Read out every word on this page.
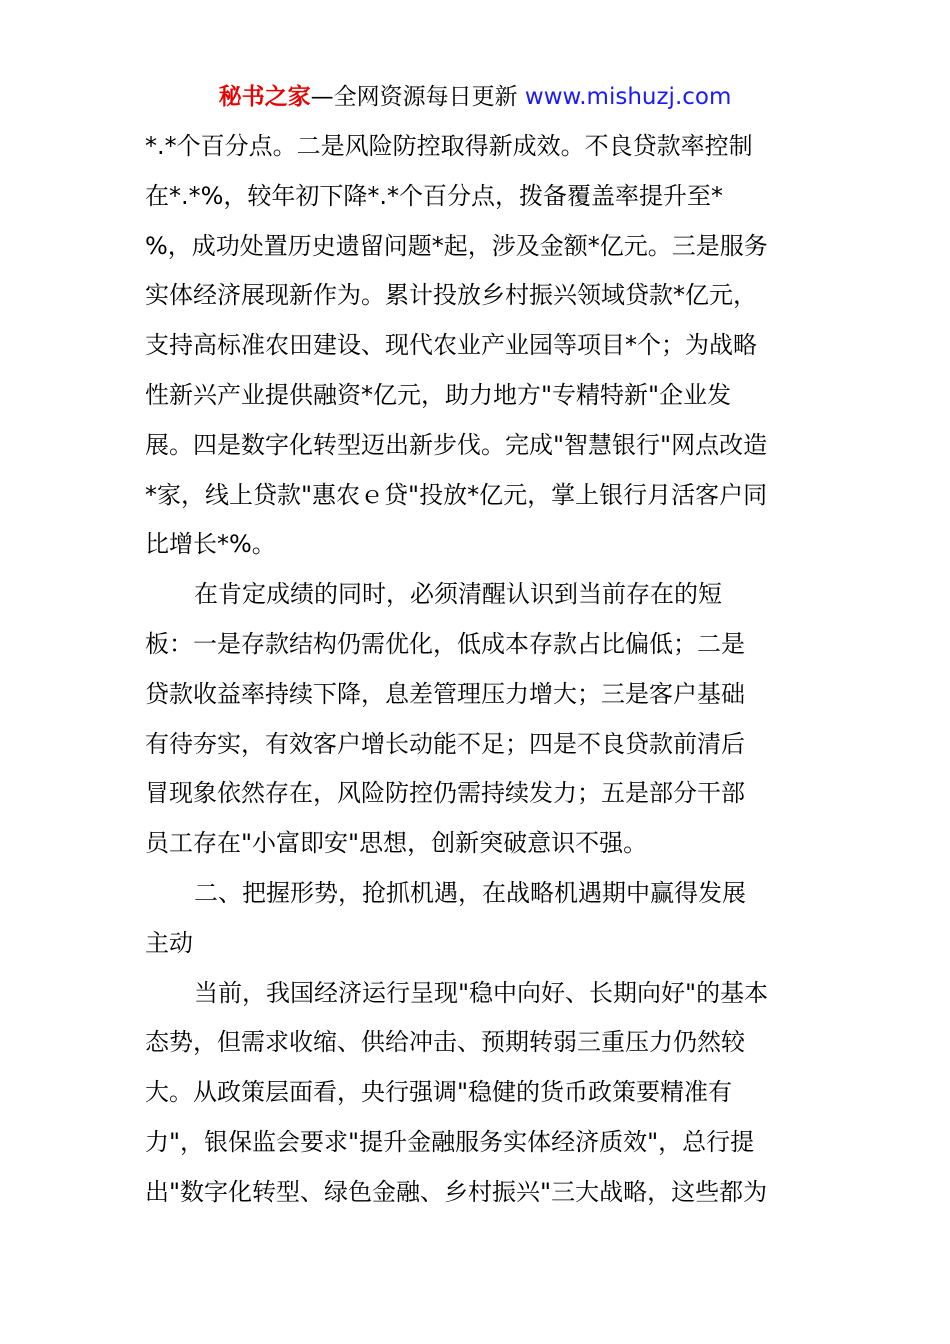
秘书之家—全网资源每日更新 www.mishuzj.com
*.*个百分点。二是风险防控取得新成效。不良贷款率控制
在*.*%，较年初下降*.*个百分点，拨备覆盖率提升至*
%，成功处置历史遗留问题*起，涉及金额*亿元。三是服务
实体经济展现新作为。累计投放乡村振兴领域贷款*亿元，
支持高标准农田建设、现代农业产业园等项目*个；为战略
性新兴产业提供融资*亿元，助力地方"专精特新"企业发
展。四是数字化转型迈出新步伐。完成"智慧银行"网点改造
*家，线上贷款"惠农ｅ贷"投放*亿元，掌上银行月活客户同
比增长*%。
在肯定成绩的同时，必须清醒认识到当前存在的短
板：一是存款结构仍需优化，低成本存款占比偏低；二是
贷款收益率持续下降，息差管理压力增大；三是客户基础
有待夯实，有效客户增长动能不足；四是不良贷款前清后
冒现象依然存在，风险防控仍需持续发力；五是部分干部
员工存在"小富即安"思想，创新突破意识不强。
二、把握形势，抢抓机遇，在战略机遇期中赢得发展
主动
当前，我国经济运行呈现"稳中向好、长期向好"的基本
态势，但需求收缩、供给冲击、预期转弱三重压力仍然较
大。从政策层面看，央行强调"稳健的货币政策要精准有
力"，银保监会要求"提升金融服务实体经济质效"，总行提
出"数字化转型、绿色金融、乡村振兴"三大战略，这些都为
